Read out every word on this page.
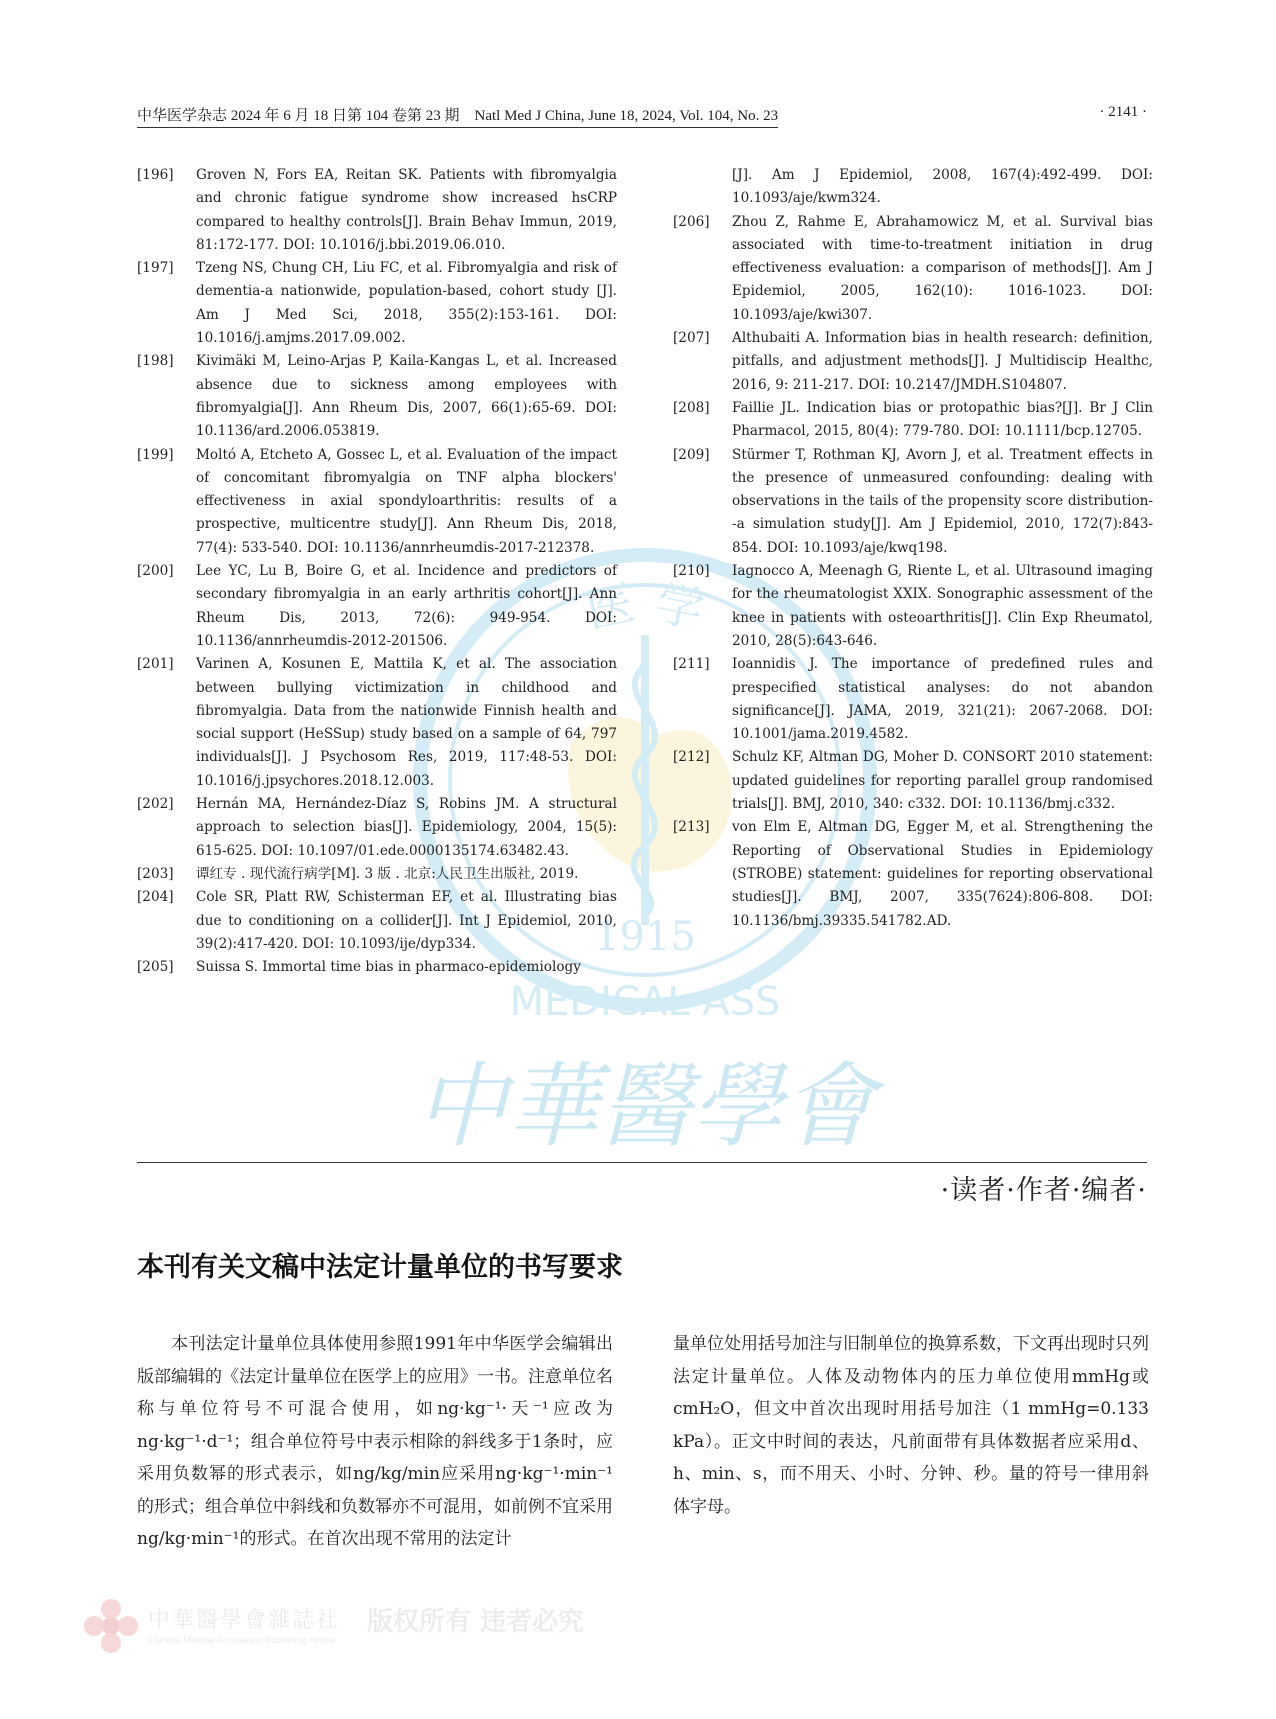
中华医学杂志 2024 年 6 月 18 日第 104 卷第 23 期　Natl Med J China, June 18, 2024, Vol. 104, No. 23	· 2141 ·
医 学
1915
MEDICAL ASS

[196] Groven N, Fors EA, Reitan SK. Patients with fibromyalgia and chronic fatigue syndrome show increased hsCRP compared to healthy controls[J]. Brain Behav Immun, 2019, 81:172-177. DOI: 10.1016/j.bbi.2019.06.010.

[197] Tzeng NS, Chung CH, Liu FC, et al. Fibromyalgia and risk of dementia-a nationwide, population-based, cohort study [J]. Am J Med Sci, 2018, 355(2):153-161. DOI: 10.1016/j.amjms.2017.09.002.

[198] Kivimäki M, Leino-Arjas P, Kaila-Kangas L, et al. Increased absence due to sickness among employees with fibromyalgia[J]. Ann Rheum Dis, 2007, 66(1):65-69. DOI: 10.1136/ard.2006.053819.

[199] Moltó A, Etcheto A, Gossec L, et al. Evaluation of the impact of concomitant fibromyalgia on TNF alpha blockers' effectiveness in axial spondyloarthritis: results of a prospective, multicentre study[J]. Ann Rheum Dis, 2018, 77(4): 533-540. DOI: 10.1136/annrheumdis-2017-212378.

[200] Lee YC, Lu B, Boire G, et al. Incidence and predictors of secondary fibromyalgia in an early arthritis cohort[J]. Ann Rheum Dis, 2013, 72(6): 949-954. DOI: 10.1136/annrheumdis-2012-201506.

[201] Varinen A, Kosunen E, Mattila K, et al. The association between bullying victimization in childhood and fibromyalgia. Data from the nationwide Finnish health and social support (HeSSup) study based on a sample of 64, 797 individuals[J]. J Psychosom Res, 2019, 117:48-53. DOI: 10.1016/j.jpsychores.2018.12.003.

[202] Hernán MA, Hernández-Díaz S, Robins JM. A structural approach to selection bias[J]. Epidemiology, 2004, 15(5): 615-625. DOI: 10.1097/01.ede.0000135174.63482.43.

[203] 谭红专 . 现代流行病学[M]. 3 版 . 北京:人民卫生出版社, 2019.

[204] Cole SR, Platt RW, Schisterman EF, et al. Illustrating bias due to conditioning on a collider[J]. Int J Epidemiol, 2010, 39(2):417-420. DOI: 10.1093/ije/dyp334.

[205] Suissa S. Immortal time bias in pharmaco-epidemiology

[J]. Am J Epidemiol, 2008, 167(4):492-499. DOI: 10.1093/aje/kwm324.

[206] Zhou Z, Rahme E, Abrahamowicz M, et al. Survival bias associated with time-to-treatment initiation in drug effectiveness evaluation: a comparison of methods[J]. Am J Epidemiol, 2005, 162(10): 1016-1023. DOI: 10.1093/aje/kwi307.

[207] Althubaiti A. Information bias in health research: definition, pitfalls, and adjustment methods[J]. J Multidiscip Healthc, 2016, 9: 211-217. DOI: 10.2147/JMDH.S104807.

[208] Faillie JL. Indication bias or protopathic bias?[J]. Br J Clin Pharmacol, 2015, 80(4): 779-780. DOI: 10.1111/bcp.12705.

[209] Stürmer T, Rothman KJ, Avorn J, et al. Treatment effects in the presence of unmeasured confounding: dealing with observations in the tails of the propensity score distribution--a simulation study[J]. Am J Epidemiol, 2010, 172(7):843-854. DOI: 10.1093/aje/kwq198.

[210] Iagnocco A, Meenagh G, Riente L, et al. Ultrasound imaging for the rheumatologist XXIX. Sonographic assessment of the knee in patients with osteoarthritis[J]. Clin Exp Rheumatol, 2010, 28(5):643-646.

[211] Ioannidis J. The importance of predefined rules and prespecified statistical analyses: do not abandon significance[J]. JAMA, 2019, 321(21): 2067-2068. DOI: 10.1001/jama.2019.4582.

[212] Schulz KF, Altman DG, Moher D. CONSORT 2010 statement: updated guidelines for reporting parallel group randomised trials[J]. BMJ, 2010, 340: c332. DOI: 10.1136/bmj.c332.

[213] von Elm E, Altman DG, Egger M, et al. Strengthening the Reporting of Observational Studies in Epidemiology (STROBE) statement: guidelines for reporting observational studies[J]. BMJ, 2007, 335(7624):806-808. DOI: 10.1136/bmj.39335.541782.AD.

中華醫學會
·读者·作者·编者·
本刊有关文稿中法定计量单位的书写要求

本刊法定计量单位具体使用参照1991年中华医学会编辑出版部编辑的《法定计量单位在医学上的应用》一书。注意单位名称与单位符号不可混合使用，如ng·kg⁻¹·天⁻¹应改为ng·kg⁻¹·d⁻¹；组合单位符号中表示相除的斜线多于1条时，应采用负数幂的形式表示，如ng/kg/min应采用ng·kg⁻¹·min⁻¹的形式；组合单位中斜线和负数幂亦不可混用，如前例不宜采用ng/kg·min⁻¹的形式。在首次出现不常用的法定计

量单位处用括号加注与旧制单位的换算系数，下文再出现时只列法定计量单位。人体及动物体内的压力单位使用mmHg或cmH₂O，但文中首次出现时用括号加注（1 mmHg=0.133 kPa）。正文中时间的表达，凡前面带有具体数据者应采用d、h、min、s，而不用天、小时、分钟、秒。量的符号一律用斜体字母。

中華醫學會雜誌社
Chinese Medical Association Publishing House
版权所有 违者必究
